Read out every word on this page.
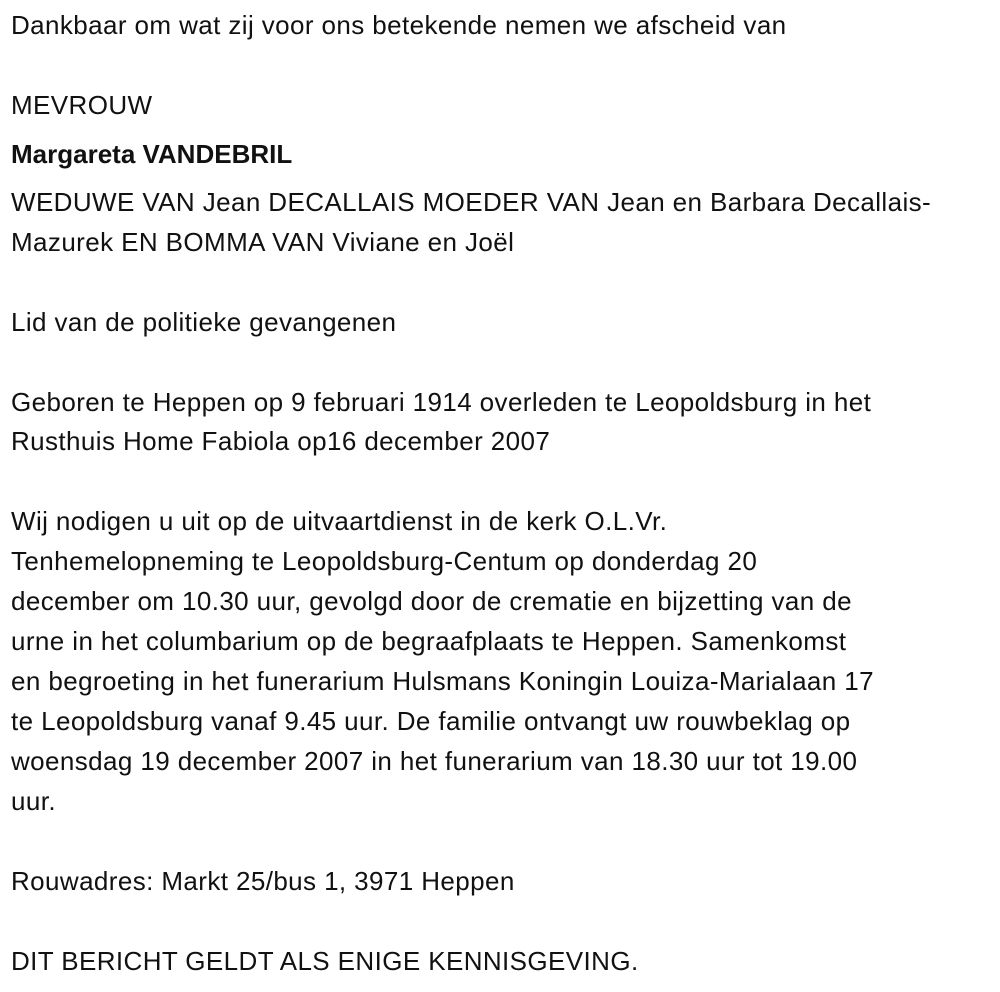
Dankbaar om wat zij voor ons betekende nemen we afscheid van
MEVROUW
Margareta VANDEBRIL
WEDUWE VAN Jean DECALLAIS MOEDER VAN Jean en Barbara Decallais-
Mazurek EN BOMMA VAN Viviane en Joël
Lid van de politieke gevangenen
Geboren te Heppen op 9 februari 1914 overleden te Leopoldsburg in het
Rusthuis Home Fabiola op16 december 2007
Wij nodigen u uit op de uitvaartdienst in de kerk O.L.Vr.
Tenhemelopneming te Leopoldsburg-Centum op donderdag 20
december om 10.30 uur, gevolgd door de crematie en bijzetting van de
urne in het columbarium op de begraafplaats te Heppen. Samenkomst
en begroeting in het funerarium Hulsmans Koningin Louiza-Marialaan 17
te Leopoldsburg vanaf 9.45 uur. De familie ontvangt uw rouwbeklag op
woensdag 19 december 2007 in het funerarium van 18.30 uur tot 19.00
uur.
Rouwadres: Markt 25/bus 1, 3971 Heppen
DIT BERICHT GELDT ALS ENIGE KENNISGEVING.
